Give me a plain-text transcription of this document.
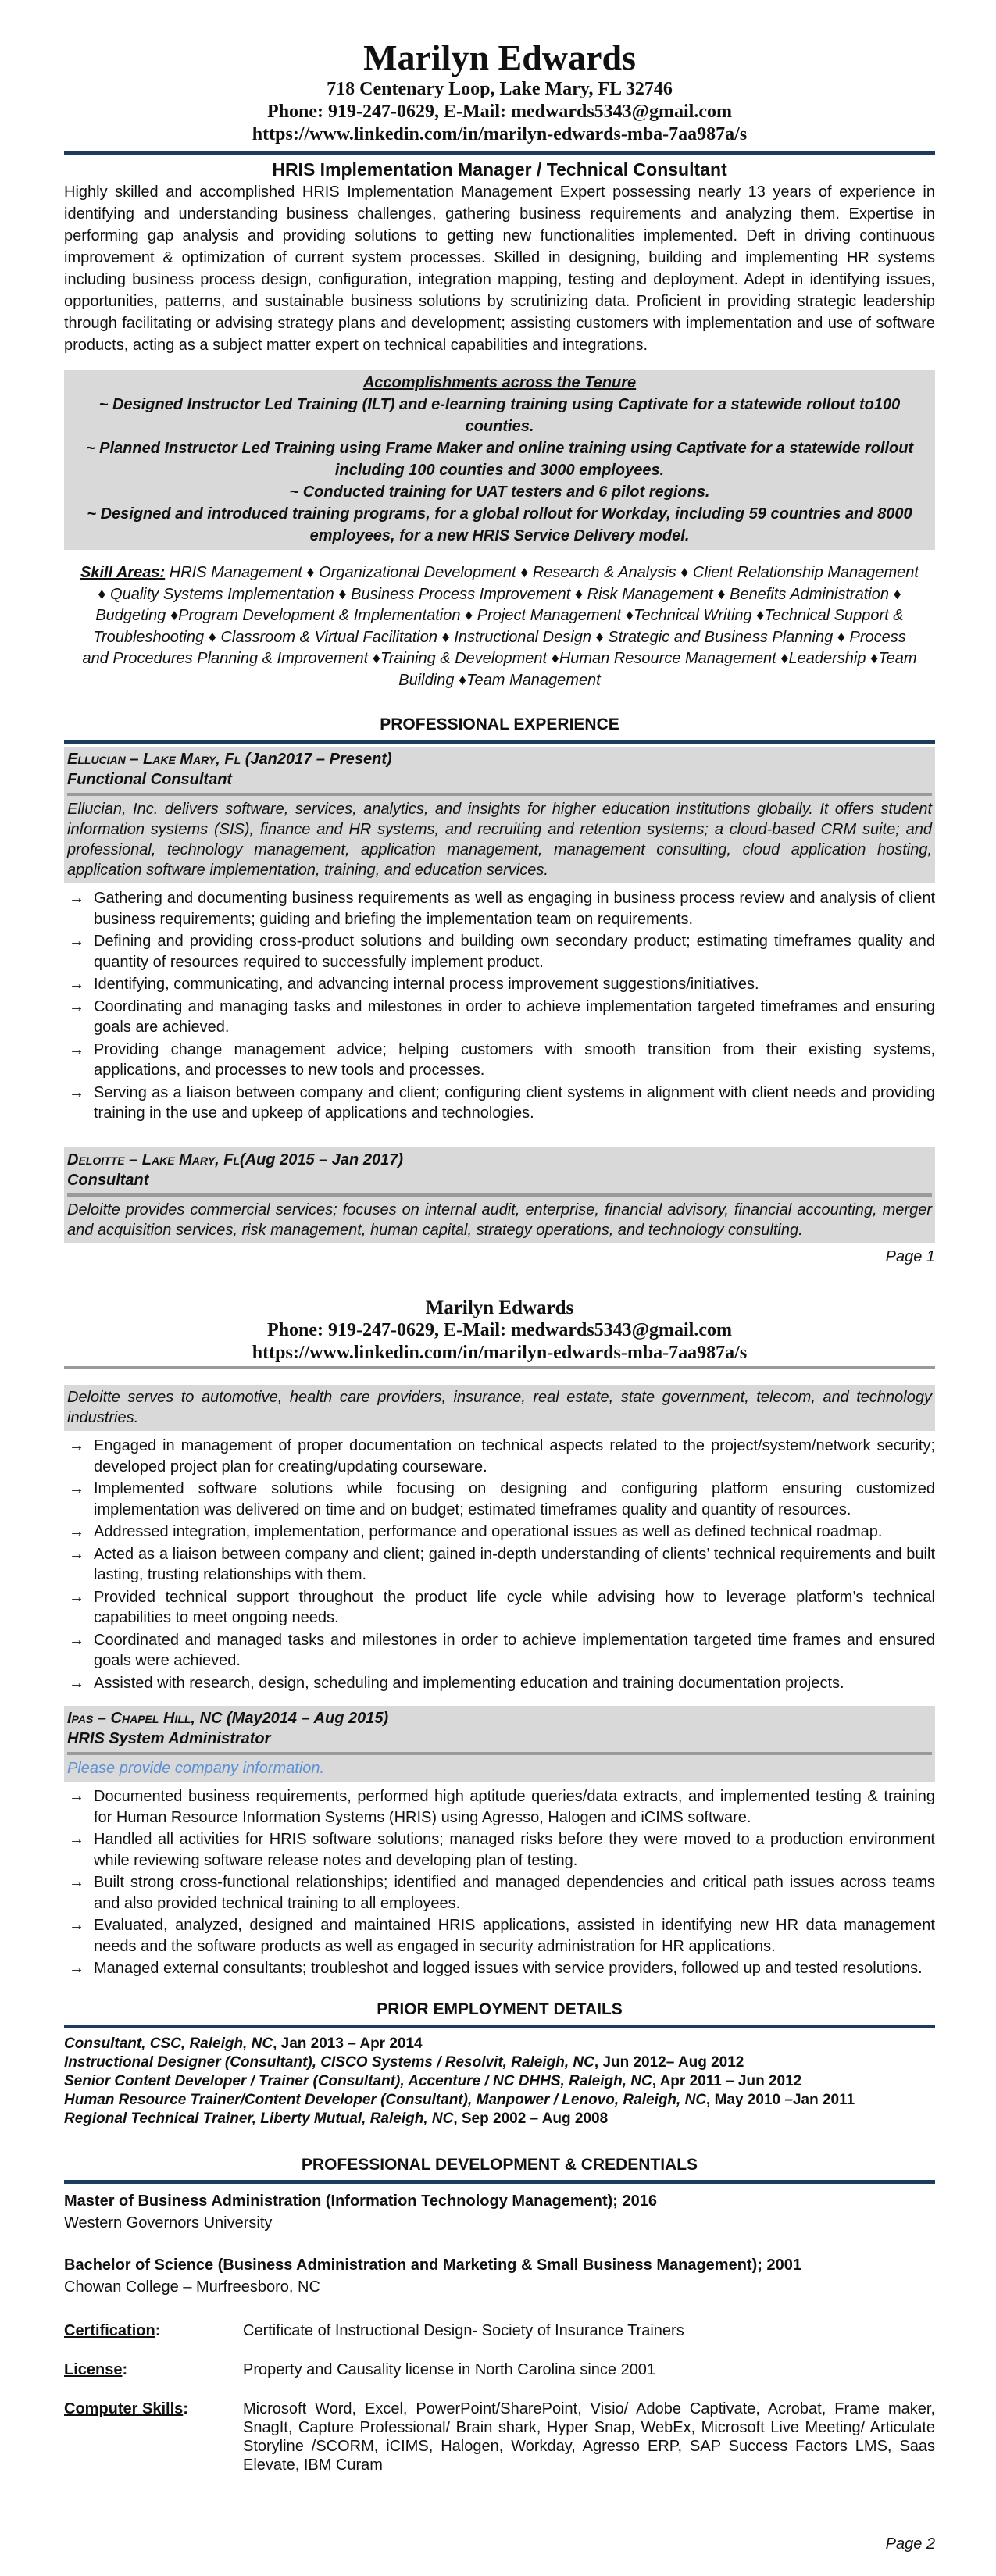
Marilyn Edwards
718 Centenary Loop, Lake Mary, FL 32746
Phone: 919-247-0629, E-Mail: medwards5343@gmail.com
https://www.linkedin.com/in/marilyn-edwards-mba-7aa987a/s
HRIS Implementation Manager / Technical Consultant

Highly skilled and accomplished HRIS Implementation Management Expert possessing nearly 13 years of experience in identifying and understanding business challenges, gathering business requirements and analyzing them. Expertise in performing gap analysis and providing solutions to getting new functionalities implemented. Deft in driving continuous improvement & optimization of current system processes. Skilled in designing, building and implementing HR systems including business process design, configuration, integration mapping, testing and deployment. Adept in identifying issues, opportunities, patterns, and sustainable business solutions by scrutinizing data. Proficient in providing strategic leadership through facilitating or advising strategy plans and development; assisting customers with implementation and use of software products, acting as a subject matter expert on technical capabilities and integrations.

Accomplishments across the Tenure
~ Designed Instructor Led Training (ILT) and e-learning training using Captivate for a statewide rollout to100 counties.
~ Planned Instructor Led Training using Frame Maker and online training using Captivate for a statewide rollout including 100 counties and 3000 employees.
~ Conducted training for UAT testers and 6 pilot regions.
~ Designed and introduced training programs, for a global rollout for Workday, including 59 countries and 8000 employees, for a new HRIS Service Delivery model.
Skill Areas: HRIS Management ♦ Organizational Development ♦ Research & Analysis ♦ Client Relationship Management ♦ Quality Systems Implementation ♦ Business Process Improvement ♦ Risk Management ♦ Benefits Administration ♦ Budgeting ♦Program Development & Implementation ♦ Project Management ♦Technical Writing ♦Technical Support & Troubleshooting ♦ Classroom & Virtual Facilitation ♦ Instructional Design ♦ Strategic and Business Planning ♦ Process and Procedures Planning & Improvement ♦Training & Development ♦Human Resource Management ♦Leadership ♦Team Building ♦Team Management
PROFESSIONAL EXPERIENCE
Ellucian – Lake Mary, Fl (Jan2017 – Present)
Functional Consultant
Ellucian, Inc. delivers software, services, analytics, and insights for higher education institutions globally. It offers student information systems (SIS), finance and HR systems, and recruiting and retention systems; a cloud-based CRM suite; and professional, technology management, application management, management consulting, cloud application hosting, application software implementation, training, and education services.
→ Gathering and documenting business requirements as well as engaging in business process review and analysis of client business requirements; guiding and briefing the implementation team on requirements.
→ Defining and providing cross-product solutions and building own secondary product; estimating timeframes quality and quantity of resources required to successfully implement product.
→ Identifying, communicating, and advancing internal process improvement suggestions/initiatives.
→ Coordinating and managing tasks and milestones in order to achieve implementation targeted timeframes and ensuring goals are achieved.
→ Providing change management advice; helping customers with smooth transition from their existing systems, applications, and processes to new tools and processes.
→ Serving as a liaison between company and client; configuring client systems in alignment with client needs and providing training in the use and upkeep of applications and technologies.
Deloitte – Lake Mary, Fl(Aug 2015 – Jan 2017)
Consultant
Deloitte provides commercial services; focuses on internal audit, enterprise, financial advisory, financial accounting, merger and acquisition services, risk management, human capital, strategy operations, and technology consulting.
Page 1
Marilyn Edwards
Phone: 919-247-0629, E-Mail: medwards5343@gmail.com
https://www.linkedin.com/in/marilyn-edwards-mba-7aa987a/s
Deloitte serves to automotive, health care providers, insurance, real estate, state government, telecom, and technology industries.
→ Engaged in management of proper documentation on technical aspects related to the project/system/network security; developed project plan for creating/updating courseware.
→ Implemented software solutions while focusing on designing and configuring platform ensuring customized implementation was delivered on time and on budget; estimated timeframes quality and quantity of resources.
→ Addressed integration, implementation, performance and operational issues as well as defined technical roadmap.
→ Acted as a liaison between company and client; gained in-depth understanding of clients’ technical requirements and built lasting, trusting relationships with them.
→ Provided technical support throughout the product life cycle while advising how to leverage platform’s technical capabilities to meet ongoing needs.
→ Coordinated and managed tasks and milestones in order to achieve implementation targeted time frames and ensured goals were achieved.
→ Assisted with research, design, scheduling and implementing education and training documentation projects.
Ipas – Chapel Hill, NC (May2014 – Aug 2015)
HRIS System Administrator
Please provide company information.
→ Documented business requirements, performed high aptitude queries/data extracts, and implemented testing & training for Human Resource Information Systems (HRIS) using Agresso, Halogen and iCIMS software.
→ Handled all activities for HRIS software solutions; managed risks before they were moved to a production environment while reviewing software release notes and developing plan of testing.
→ Built strong cross-functional relationships; identified and managed dependencies and critical path issues across teams and also provided technical training to all employees.
→ Evaluated, analyzed, designed and maintained HRIS applications, assisted in identifying new HR data management needs and the software products as well as engaged in security administration for HR applications.
→ Managed external consultants; troubleshot and logged issues with service providers, followed up and tested resolutions.
PRIOR EMPLOYMENT DETAILS
Consultant, CSC, Raleigh, NC, Jan 2013 – Apr 2014
Instructional Designer (Consultant), CISCO Systems / Resolvit, Raleigh, NC, Jun 2012– Aug 2012
Senior Content Developer / Trainer (Consultant), Accenture / NC DHHS, Raleigh, NC, Apr 2011 – Jun 2012
Human Resource Trainer/Content Developer (Consultant), Manpower / Lenovo, Raleigh, NC, May 2010 –Jan 2011
Regional Technical Trainer, Liberty Mutual, Raleigh, NC, Sep 2002 – Aug 2008
PROFESSIONAL DEVELOPMENT & CREDENTIALS
Master of Business Administration (Information Technology Management); 2016
Western Governors University
Bachelor of Science (Business Administration and Marketing & Small Business Management); 2001
Chowan College – Murfreesboro, NC
Certification:	Certificate of Instructional Design- Society of Insurance Trainers
License:	Property and Causality license in North Carolina since 2001
Computer Skills:	Microsoft Word, Excel, PowerPoint/SharePoint, Visio/ Adobe Captivate, Acrobat, Frame maker, SnagIt, Capture Professional/ Brain shark, Hyper Snap, WebEx, Microsoft Live Meeting/ Articulate Storyline /SCORM, iCIMS, Halogen, Workday, Agresso ERP, SAP Success Factors LMS, Saas Elevate, IBM Curam
Page 2
